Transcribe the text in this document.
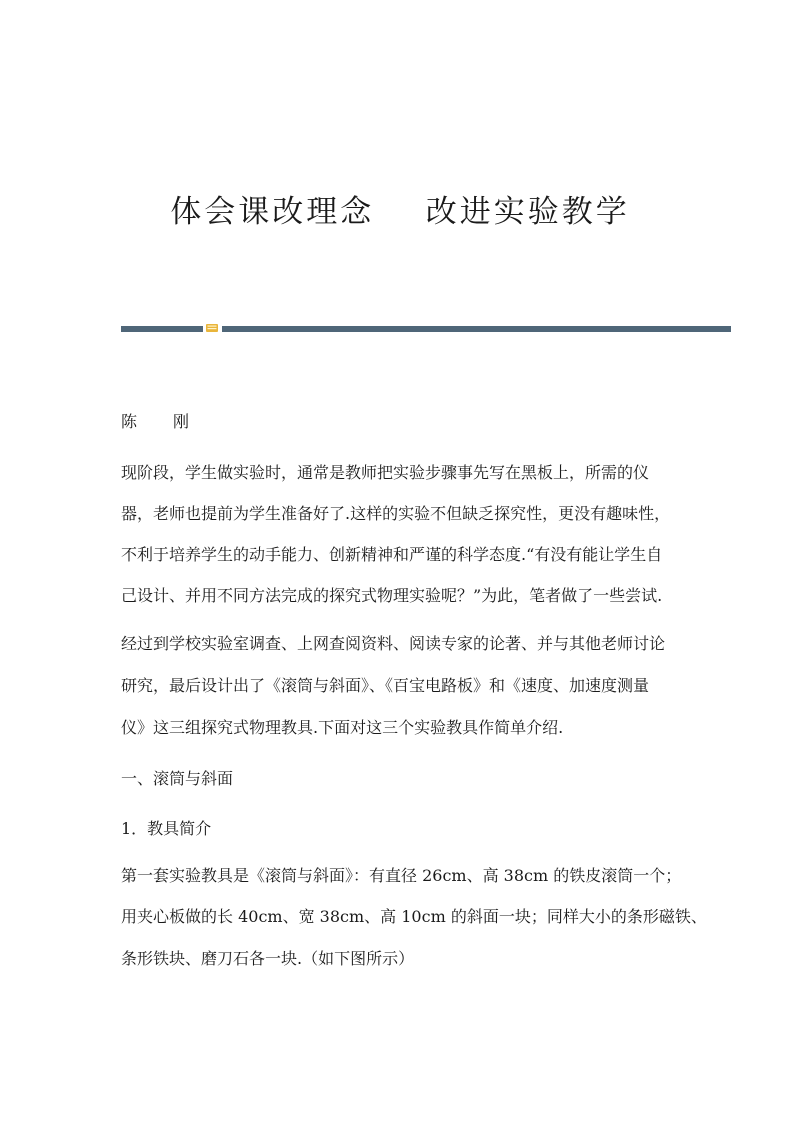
体会课改理念    改进实验教学

陈　刚

现阶段，学生做实验时，通常是教师把实验步骤事先写在黑板上，所需的仪

器，老师也提前为学生准备好了.这样的实验不但缺乏探究性，更没有趣味性，

不利于培养学生的动手能力、创新精神和严谨的科学态度.“有没有能让学生自

己设计、并用不同方法完成的探究式物理实验呢？”为此，笔者做了一些尝试.

经过到学校实验室调查、上网查阅资料、阅读专家的论著、并与其他老师讨论

研究，最后设计出了《滚筒与斜面》、《百宝电路板》和《速度、加速度测量

仪》这三组探究式物理教具.下面对这三个实验教具作简单介绍.

一、滚筒与斜面

1．教具简介

第一套实验教具是《滚筒与斜面》：有直径 26cm、高 38cm 的铁皮滚筒一个；

用夹心板做的长 40cm、宽 38cm、高 10cm 的斜面一块；同样大小的条形磁铁、

条形铁块、磨刀石各一块.（如下图所示）
